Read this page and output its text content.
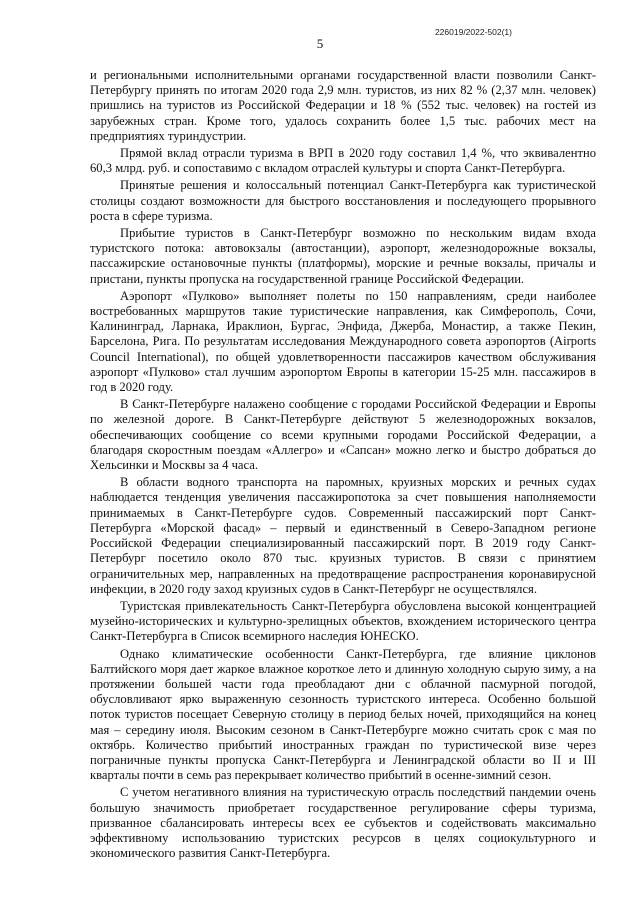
226019/2022-502(1)
5

и региональными исполнительными органами государственной власти позволили Санкт-Петербургу принять по итогам 2020 года 2,9 млн. туристов, из них 82 % (2,37 млн. человек) пришлись на туристов из Российской Федерации и 18 % (552 тыс. человек) на гостей из зарубежных стран. Кроме того, удалось сохранить более 1,5 тыс. рабочих мест на предприятиях туриндустрии.

Прямой вклад отрасли туризма в ВРП в 2020 году составил 1,4 %, что эквивалентно 60,3 млрд. руб. и сопоставимо с вкладом отраслей культуры и спорта Санкт-Петербурга.

Принятые решения и колоссальный потенциал Санкт-Петербурга как туристической столицы создают возможности для быстрого восстановления и последующего прорывного роста в сфере туризма.

Прибытие туристов в Санкт-Петербург возможно по нескольким видам входа туристского потока: автовокзалы (автостанции), аэропорт, железнодорожные вокзалы, пассажирские остановочные пункты (платформы), морские и речные вокзалы, причалы и пристани, пункты пропуска на государственной границе Российской Федерации.

Аэропорт «Пулково» выполняет полеты по 150 направлениям, среди наиболее востребованных маршрутов такие туристические направления, как Симферополь, Сочи, Калининград, Ларнака, Ираклион, Бургас, Энфида, Джерба, Монастир, а также Пекин, Барселона, Рига. По результатам исследования Международного совета аэропортов (Airports Council International), по общей удовлетворенности пассажиров качеством обслуживания аэропорт «Пулково» стал лучшим аэропортом Европы в категории 15-25 млн. пассажиров в год в 2020 году.

В Санкт-Петербурге налажено сообщение с городами Российской Федерации и Европы по железной дороге. В Санкт-Петербурге действуют 5 железнодорожных вокзалов, обеспечивающих сообщение со всеми крупными городами Российской Федерации, а благодаря скоростным поездам «Аллегро» и «Сапсан» можно легко и быстро добраться до Хельсинки и Москвы за 4 часа.

В области водного транспорта на паромных, круизных морских и речных судах наблюдается тенденция увеличения пассажиропотока за счет повышения наполняемости принимаемых в Санкт-Петербурге судов. Современный пассажирский порт Санкт-Петербурга «Морской фасад» – первый и единственный в Северо-Западном регионе Российской Федерации специализированный пассажирский порт. В 2019 году Санкт-Петербург посетило около 870 тыс. круизных туристов. В связи с принятием ограничительных мер, направленных на предотвращение распространения коронавирусной инфекции, в 2020 году заход круизных судов в Санкт-Петербург не осуществлялся.

Туристская привлекательность Санкт-Петербурга обусловлена высокой концентрацией музейно-исторических и культурно-зрелищных объектов, вхождением исторического центра Санкт-Петербурга в Список всемирного наследия ЮНЕСКО.

Однако климатические особенности Санкт-Петербурга, где влияние циклонов Балтийского моря дает жаркое влажное короткое лето и длинную холодную сырую зиму, а на протяжении большей части года преобладают дни с облачной пасмурной погодой, обусловливают ярко выраженную сезонность туристского интереса. Особенно большой поток туристов посещает Северную столицу в период белых ночей, приходящийся на конец мая – середину июля. Высоким сезоном в Санкт-Петербурге можно считать срок с мая по октябрь. Количество прибытий иностранных граждан по туристической визе через пограничные пункты пропуска Санкт-Петербурга и Ленинградской области во II и III кварталы почти в семь раз перекрывает количество прибытий в осенне-зимний сезон.

С учетом негативного влияния на туристическую отрасль последствий пандемии очень большую значимость приобретает государственное регулирование сферы туризма, призванное сбалансировать интересы всех ее субъектов и содействовать максимально эффективному использованию туристских ресурсов в целях социокультурного и экономического развития Санкт-Петербурга.
